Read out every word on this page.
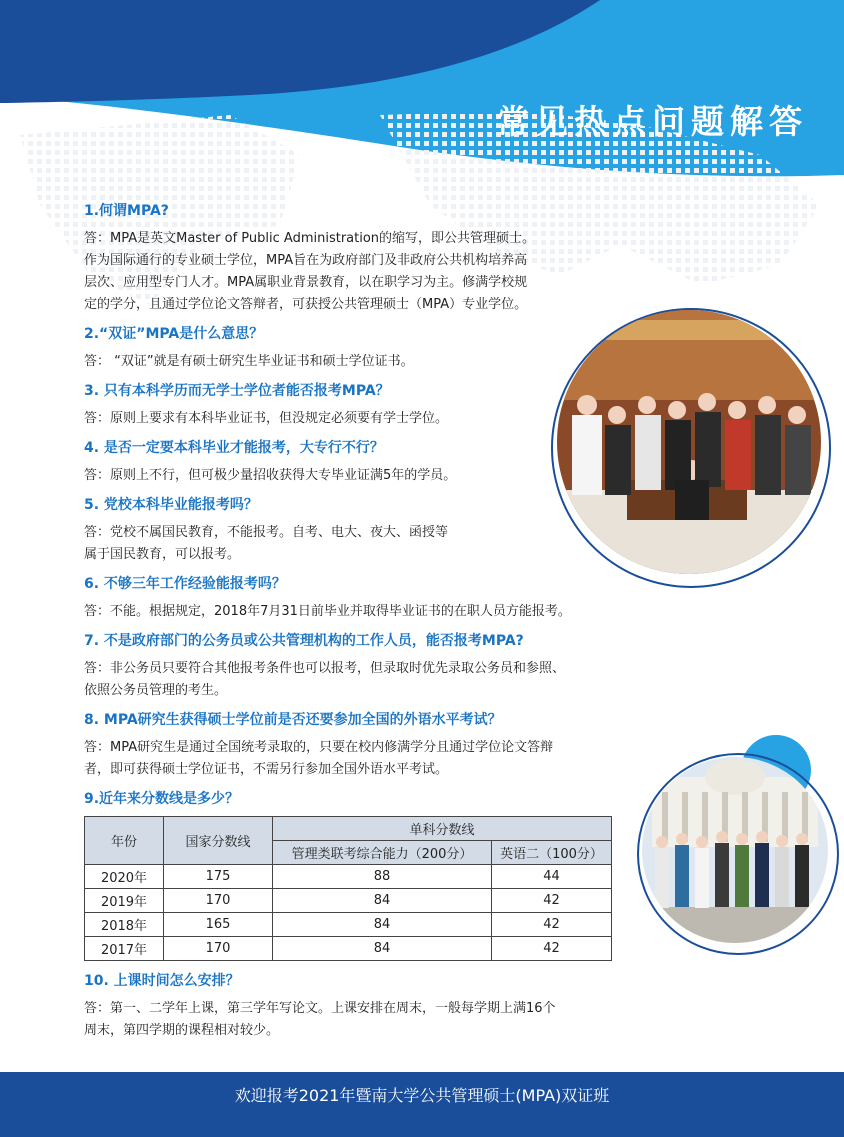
常见热点问题解答
1.何谓MPA?
答：MPA是英文Master of Public Administration的缩写，即公共管理硕士。
作为国际通行的专业硕士学位，MPA旨在为政府部门及非政府公共机构培养高
层次、应用型专门人才。MPA属职业背景教育，以在职学习为主。修满学校规
定的学分，且通过学位论文答辩者，可获授公共管理硕士（MPA）专业学位。
2.“双证”MPA是什么意思？
答： “双证”就是有硕士研究生毕业证书和硕士学位证书。
3. 只有本科学历而无学士学位者能否报考MPA？
答：原则上要求有本科毕业证书，但没规定必须要有学士学位。
4. 是否一定要本科毕业才能报考，大专行不行？
答：原则上不行，但可极少量招收获得大专毕业证满5年的学员。
5. 党校本科毕业能报考吗？
答：党校不属国民教育，不能报考。自考、电大、夜大、函授等
属于国民教育，可以报考。
6. 不够三年工作经验能报考吗？
答：不能。根据规定，2018年7月31日前毕业并取得毕业证书的在职人员方能报考。
7. 不是政府部门的公务员或公共管理机构的工作人员，能否报考MPA?
答：非公务员只要符合其他报考条件也可以报考，但录取时优先录取公务员和参照、
依照公务员管理的考生。
8. MPA研究生获得硕士学位前是否还要参加全国的外语水平考试？
答：MPA研究生是通过全国统考录取的，只要在校内修满学分且通过学位论文答辩
者，即可获得硕士学位证书，不需另行参加全国外语水平考试。
9.近年来分数线是多少？
年份	国家分数线	单科分数线	
		管理类联考综合能力（200分）	英语二（100分）
2020年	175	88	44
2019年	170	84	42
2018年	165	84	42
2017年	170	84	42
10. 上课时间怎么安排？
答：第一、二学年上课，第三学年写论文。上课安排在周末，一般每学期上满16个
周末，第四学期的课程相对较少。
欢迎报考2021年暨南大学公共管理硕士(MPA)双证班
